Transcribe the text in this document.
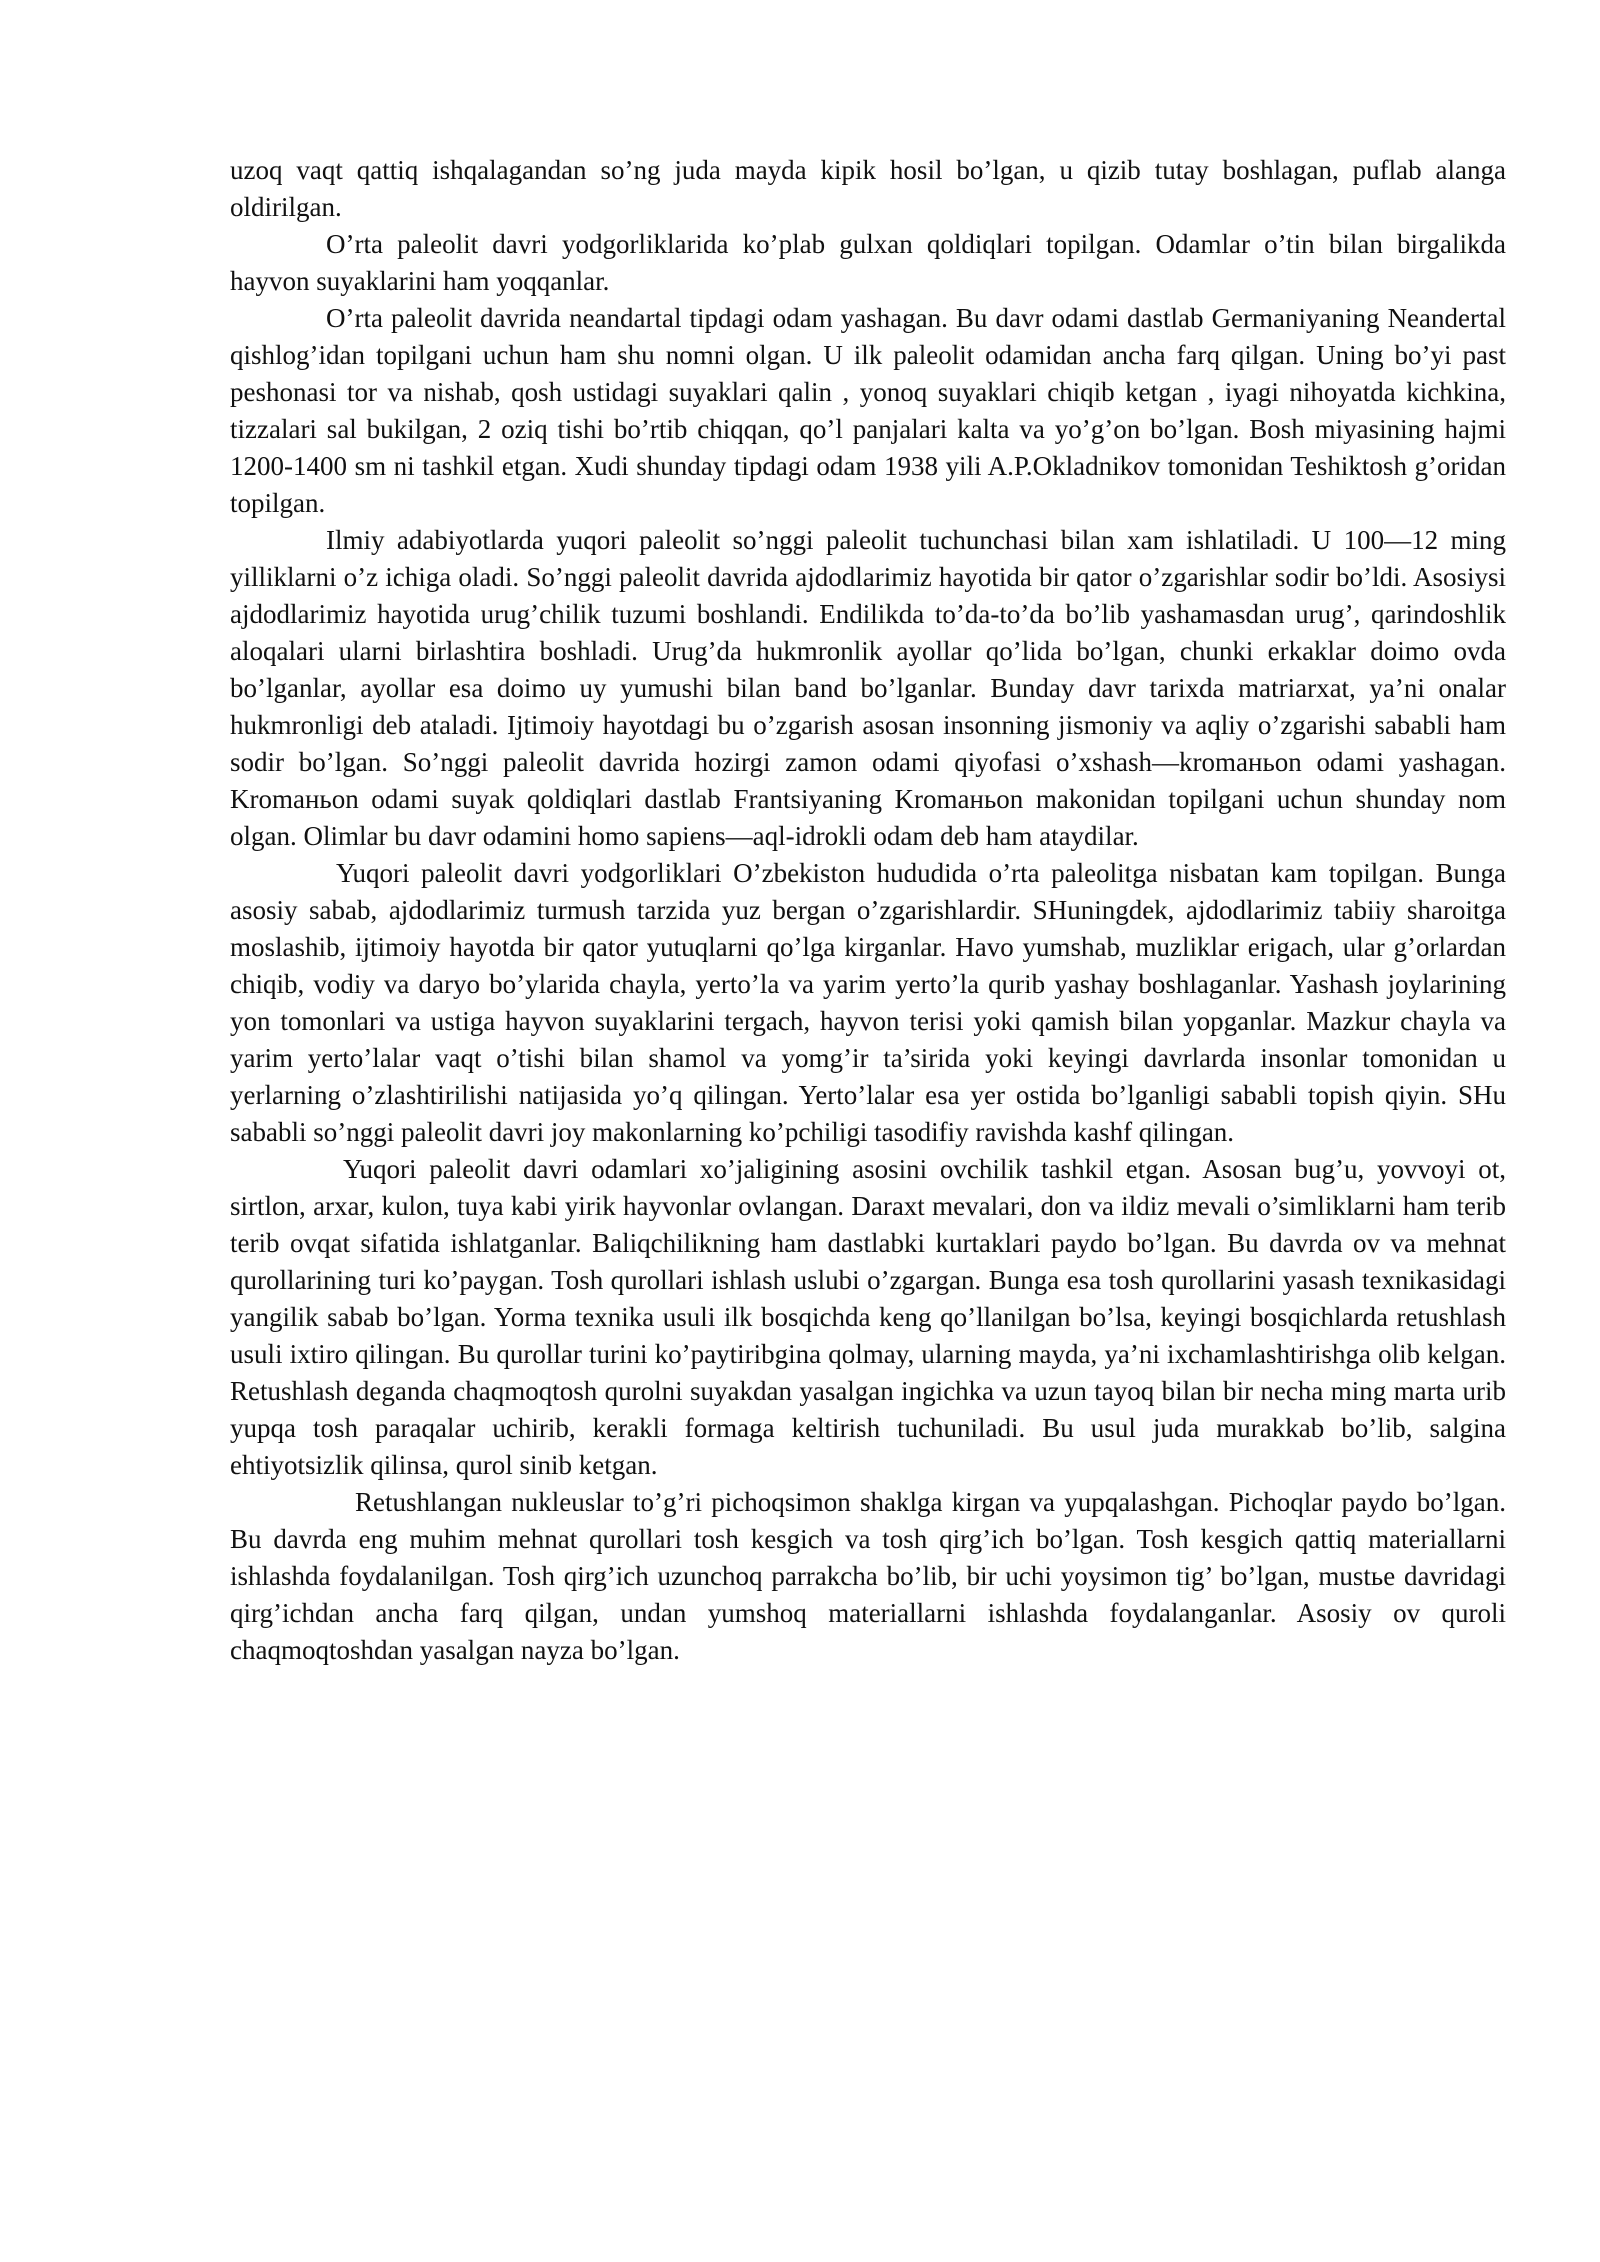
uzoq vaqt qattiq ishqalagandan so’ng juda mayda kipik hosil bo’lgan, u qizib tutay boshlagan, puflab alanga oldirilgan.

O’rta paleolit davri yodgorliklarida ko’plab gulxan qoldiqlari topilgan. Odamlar o’tin bilan birgalikda hayvon suyaklarini ham yoqqanlar.

O’rta paleolit davrida neandartal tipdagi odam yashagan. Bu davr odami dastlab Germaniyaning Neandertal qishlog’idan topilgani uchun ham shu nomni olgan. U ilk paleolit odamidan ancha farq qilgan. Uning bo’yi past peshonasi tor va nishab, qosh ustidagi suyaklari qalin , yonoq suyaklari chiqib ketgan , iyagi nihoyatda kichkina, tizzalari sal bukilgan, 2 oziq tishi bo’rtib chiqqan, qo’l panjalari kalta va yo’g’on bo’lgan. Bosh miyasining hajmi 1200-1400 sm ni tashkil etgan. Xudi shunday tipdagi odam 1938 yili A.P.Okladnikov tomonidan Teshiktosh g’oridan topilgan.

Ilmiy adabiyotlarda yuqori paleolit so’nggi paleolit tuchunchasi bilan xam ishlatiladi. U 100—12 ming yilliklarni o’z ichiga oladi. So’nggi paleolit davrida ajdodlarimiz hayotida bir qator o’zgarishlar sodir bo’ldi. Asosiysi ajdodlarimiz hayotida urug’chilik tuzumi boshlandi. Endilikda to’da-to’da bo’lib yashamasdan urug’, qarindoshlik aloqalari ularni birlashtira boshladi. Urug’da hukmronlik ayollar qo’lida bo’lgan, chunki erkaklar doimo ovda bo’lganlar, ayollar esa doimo uy yumushi bilan band bo’lganlar. Bunday davr tarixda matriarxat, ya’ni onalar hukmronligi deb ataladi. Ijtimoiy hayotdagi bu o’zgarish asosan insonning jismoniy va aqliy o’zgarishi sababli ham sodir bo’lgan. So’nggi paleolit davrida hozirgi zamon odami qiyofasi o’xshash—kromaньon odami yashagan. Kromaньon odami suyak qoldiqlari dastlab Frantsiyaning Kromaньon makonidan topilgani uchun shunday nom olgan. Olimlar bu davr odamini homo sapiens—aql-idrokli odam deb ham ataydilar.

Yuqori paleolit davri yodgorliklari O’zbekiston hududida o’rta paleolitga nisbatan kam topilgan. Bunga asosiy sabab, ajdodlarimiz turmush tarzida yuz bergan o’zgarishlardir. SHuningdek, ajdodlarimiz tabiiy sharoitga moslashib, ijtimoiy hayotda bir qator yutuqlarni qo’lga kirganlar. Havo yumshab, muzliklar erigach, ular g’orlardan chiqib, vodiy va daryo bo’ylarida chayla, yerto’la va yarim yerto’la qurib yashay boshlaganlar. Yashash joylarining yon tomonlari va ustiga hayvon suyaklarini tergach, hayvon terisi yoki qamish bilan yopganlar. Mazkur chayla va yarim yerto’lalar vaqt o’tishi bilan shamol va yomg’ir ta’sirida yoki keyingi davrlarda insonlar tomonidan u yerlarning o’zlashtirilishi natijasida yo’q qilingan. Yerto’lalar esa yer ostida bo’lganligi sababli topish qiyin. SHu sababli so’nggi paleolit davri joy makonlarning ko’pchiligi tasodifiy ravishda kashf qilingan.

Yuqori paleolit davri odamlari xo’jaligining asosini ovchilik tashkil etgan. Asosan bug’u, yovvoyi ot, sirtlon, arxar, kulon, tuya kabi yirik hayvonlar ovlangan. Daraxt mevalari, don va ildiz mevali o’simliklarni ham terib terib ovqat sifatida ishlatganlar. Baliqchilikning ham dastlabki kurtaklari paydo bo’lgan. Bu davrda ov va mehnat qurollarining turi ko’paygan. Tosh qurollari ishlash uslubi o’zgargan. Bunga esa tosh qurollarini yasash texnikasidagi yangilik sabab bo’lgan. Yorma texnika usuli ilk bosqichda keng qo’llanilgan bo’lsa, keyingi bosqichlarda retushlash usuli ixtiro qilingan. Bu qurollar turini ko’paytiribgina qolmay, ularning mayda, ya’ni ixchamlashtirishga olib kelgan. Retushlash deganda chaqmoqtosh qurolni suyakdan yasalgan ingichka va uzun tayoq bilan bir necha ming marta urib yupqa tosh paraqalar uchirib, kerakli formaga keltirish tuchuniladi. Bu usul juda murakkab bo’lib, salgina ehtiyotsizlik qilinsa, qurol sinib ketgan.

Retushlangan nukleuslar to’g’ri pichoqsimon shaklga kirgan va yupqalashgan. Pichoqlar paydo bo’lgan. Bu davrda eng muhim mehnat qurollari tosh kesgich va tosh qirg’ich bo’lgan. Tosh kesgich qattiq materiallarni ishlashda foydalanilgan. Tosh qirg’ich uzunchoq parrakcha bo’lib, bir uchi yoysimon tig’ bo’lgan, mustьe davridagi qirg’ichdan ancha farq qilgan, undan yumshoq materiallarni ishlashda foydalanganlar. Asosiy ov quroli chaqmoqtoshdan yasalgan nayza bo’lgan.
